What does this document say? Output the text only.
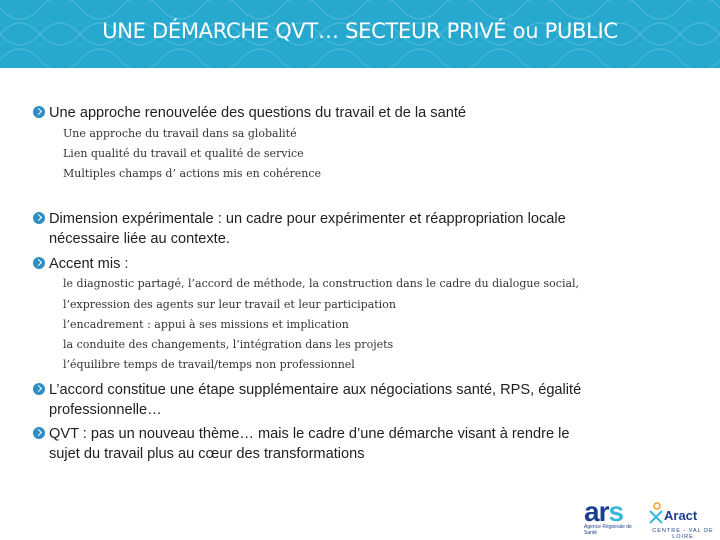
UNE DÉMARCHE QVT… SECTEUR PRIVÉ ou PUBLIC
Une approche renouvelée des questions du travail et de la santé
Une approche du travail dans sa globalité
Lien qualité du travail et qualité de service
Multiples champs d’ actions mis en cohérence
Dimension expérimentale : un cadre pour expérimenter et réappropriation locale
nécessaire liée au contexte.
Accent mis :
le diagnostic partagé, l’accord de méthode, la construction dans le cadre du dialogue social,
l’expression des agents sur leur travail et leur participation
l’encadrement : appui à ses missions et implication
la conduite des changements, l’intégration dans les projets
l’équilibre temps de travail/temps non professionnel
L’accord constitue une étape supplémentaire aux négociations santé, RPS, égalité
professionnelle…
QVT : pas un nouveau thème… mais le cadre d’une démarche visant à rendre le
sujet du travail plus au cœur des transformations
ars
Agence Régionale de Santé
Aract
CENTRE - VAL DE LOIRE
